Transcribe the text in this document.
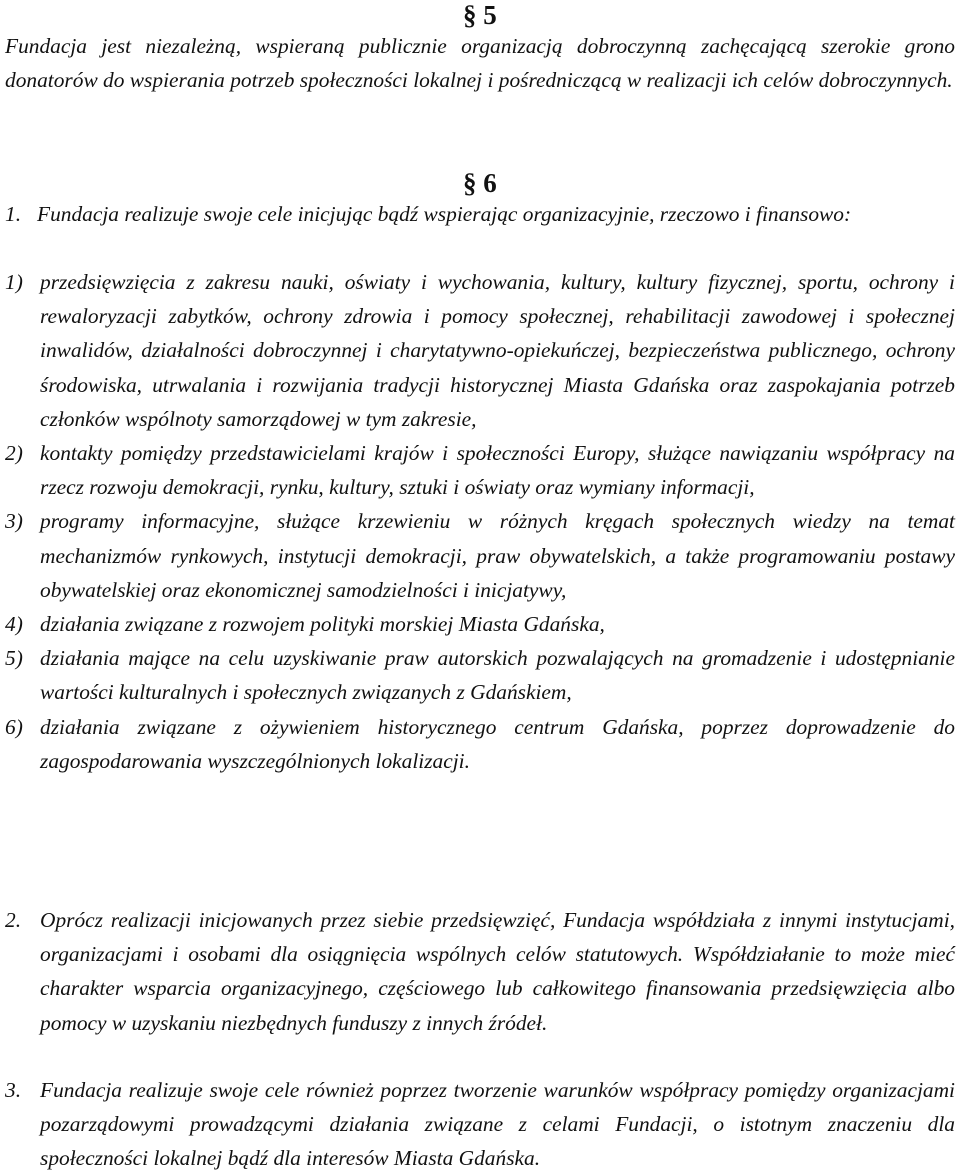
§ 5

Fundacja jest niezależną, wspieraną publicznie organizacją dobroczynną zachęcającą szerokie grono donatorów do wspierania potrzeb społeczności lokalnej i pośredniczącą w realizacji ich celów dobroczynnych.

§ 6
1. Fundacja realizuje swoje cele inicjując bądź wspierając organizacyjnie, rzeczowo i finansowo:
1) przedsięwzięcia z zakresu nauki, oświaty i wychowania, kultury, kultury fizycznej, sportu, ochrony i rewaloryzacji zabytków, ochrony zdrowia i pomocy społecznej, rehabilitacji zawodowej i społecznej inwalidów, działalności dobroczynnej i charytatywno-opiekuńczej, bezpieczeństwa publicznego, ochrony środowiska, utrwalania i rozwijania tradycji historycznej Miasta Gdańska oraz zaspokajania potrzeb członków wspólnoty samorządowej w tym zakresie,
2) kontakty pomiędzy przedstawicielami krajów i społeczności Europy, służące nawiązaniu współpracy na rzecz rozwoju demokracji, rynku, kultury, sztuki i oświaty oraz wymiany informacji,
3) programy informacyjne, służące krzewieniu w różnych kręgach społecznych wiedzy na temat mechanizmów rynkowych, instytucji demokracji, praw obywatelskich, a także programowaniu postawy obywatelskiej oraz ekonomicznej samodzielności i inicjatywy,
4) działania związane z rozwojem polityki morskiej Miasta Gdańska,
5) działania mające na celu uzyskiwanie praw autorskich pozwalających na gromadzenie i udostępnianie wartości kulturalnych i społecznych związanych z Gdańskiem,
6) działania związane z ożywieniem historycznego centrum Gdańska, poprzez doprowadzenie do zagospodarowania wyszczególnionych lokalizacji.
2. Oprócz realizacji inicjowanych przez siebie przedsięwzięć, Fundacja współdziała z innymi instytucjami, organizacjami i osobami dla osiągnięcia wspólnych celów statutowych. Współdziałanie to może mieć charakter wsparcia organizacyjnego, częściowego lub całkowitego finansowania przedsięwzięcia albo pomocy w uzyskaniu niezbędnych funduszy z innych źródeł.
3. Fundacja realizuje swoje cele również poprzez tworzenie warunków współpracy pomiędzy organizacjami pozarządowymi prowadzącymi działania związane z celami Fundacji, o istotnym znaczeniu dla społeczności lokalnej bądź dla interesów Miasta Gdańska.
